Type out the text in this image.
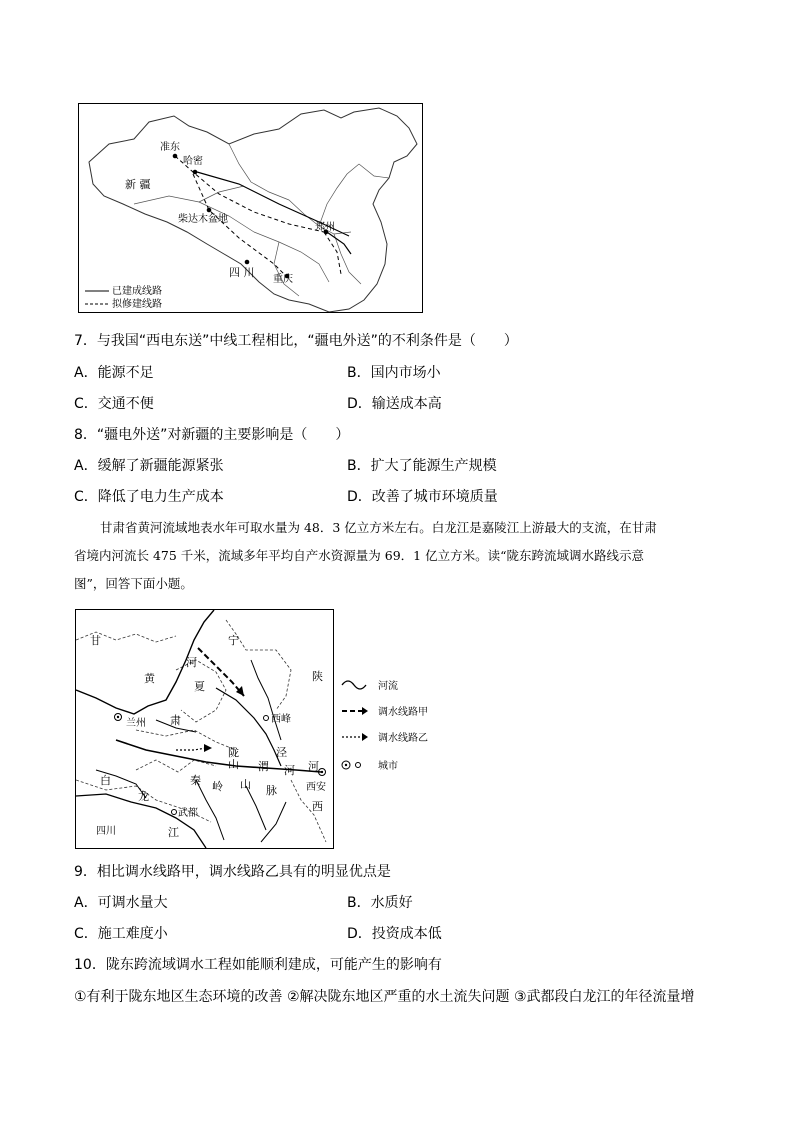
准东
哈密
新 疆
柴达木盆地
郑州
四 川
重庆
已建成线路
拟修建线路
7．与我国“西电东送”中线工程相比，“疆电外送”的不利条件是（　　）
A．能源不足	B．国内市场小
C．交通不便	D．输送成本高
8．“疆电外送”对新疆的主要影响是（　　）
A．缓解了新疆能源紧张	B．扩大了能源生产规模
C．降低了电力生产成本	D．改善了城市环境质量
甘肃省黄河流域地表水年可取水量为 48．3 亿立方米左右。白龙江是嘉陵江上游最大的支流，在甘肃
省境内河流长 475 千米，流域多年平均自产水资源量为 69．1 亿立方米。读“陇东跨流域调水路线示意
图”，回答下面小题。
甘	宁
陕
河
黄
夏
兰州 肃	西峰
陇
山
泾
渭 河 河
白	秦 岭 山 脉
龙
西安
西
武都
江
四川
河流
调水线路甲
调水线路乙
城市
9．相比调水线路甲，调水线路乙具有的明显优点是
A．可调水量大	B．水质好
C．施工难度小	D．投资成本低
10．陇东跨流域调水工程如能顺利建成，可能产生的影响有
①有利于陇东地区生态环境的改善 ②解决陇东地区严重的水土流失问题 ③武都段白龙江的年径流量增
